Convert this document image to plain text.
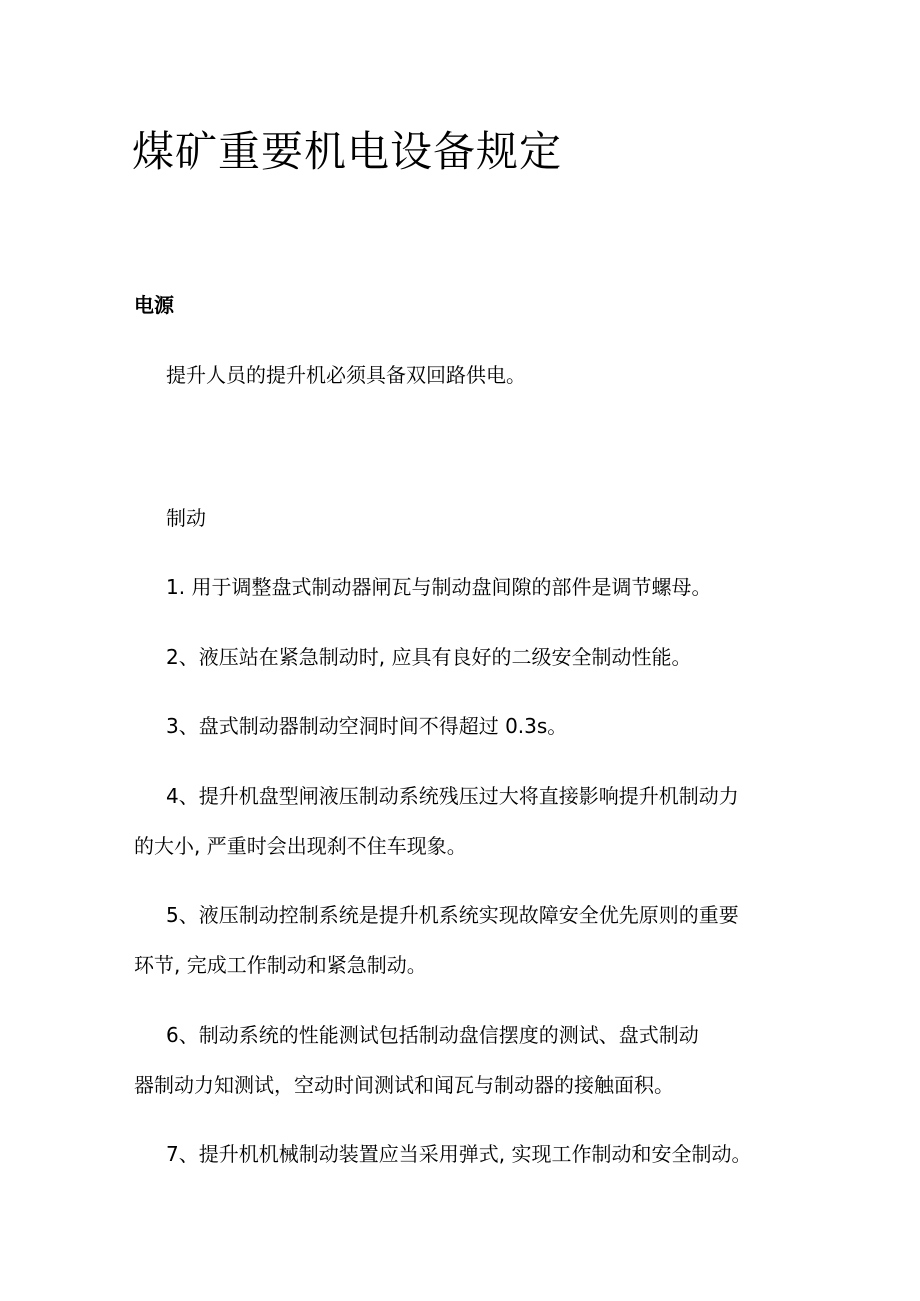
煤矿重要机电设备规定
电源
提升人员的提升机必须具备双回路供电。
制动
1. 用于调整盘式制动器闸瓦与制动盘间隙的部件是调节螺母。
2、液压站在紧急制动时, 应具有良好的二级安全制动性能。
3、盘式制动器制动空洞时间不得超过 0.3s。
4、提升机盘型闸液压制动系统残压过大将直接影响提升机制动力
的大小, 严重时会出现刹不住车现象。
5、液压制动控制系统是提升机系统实现故障安全优先原则的重要
环节, 完成工作制动和紧急制动。
6、制动系统的性能测试包括制动盘信摆度的测试、盘式制动
器制动力知测试，空动时间测试和闻瓦与制动器的接触面积。
7、提升机机械制动装置应当采用弹式, 实现工作制动和安全制动。
